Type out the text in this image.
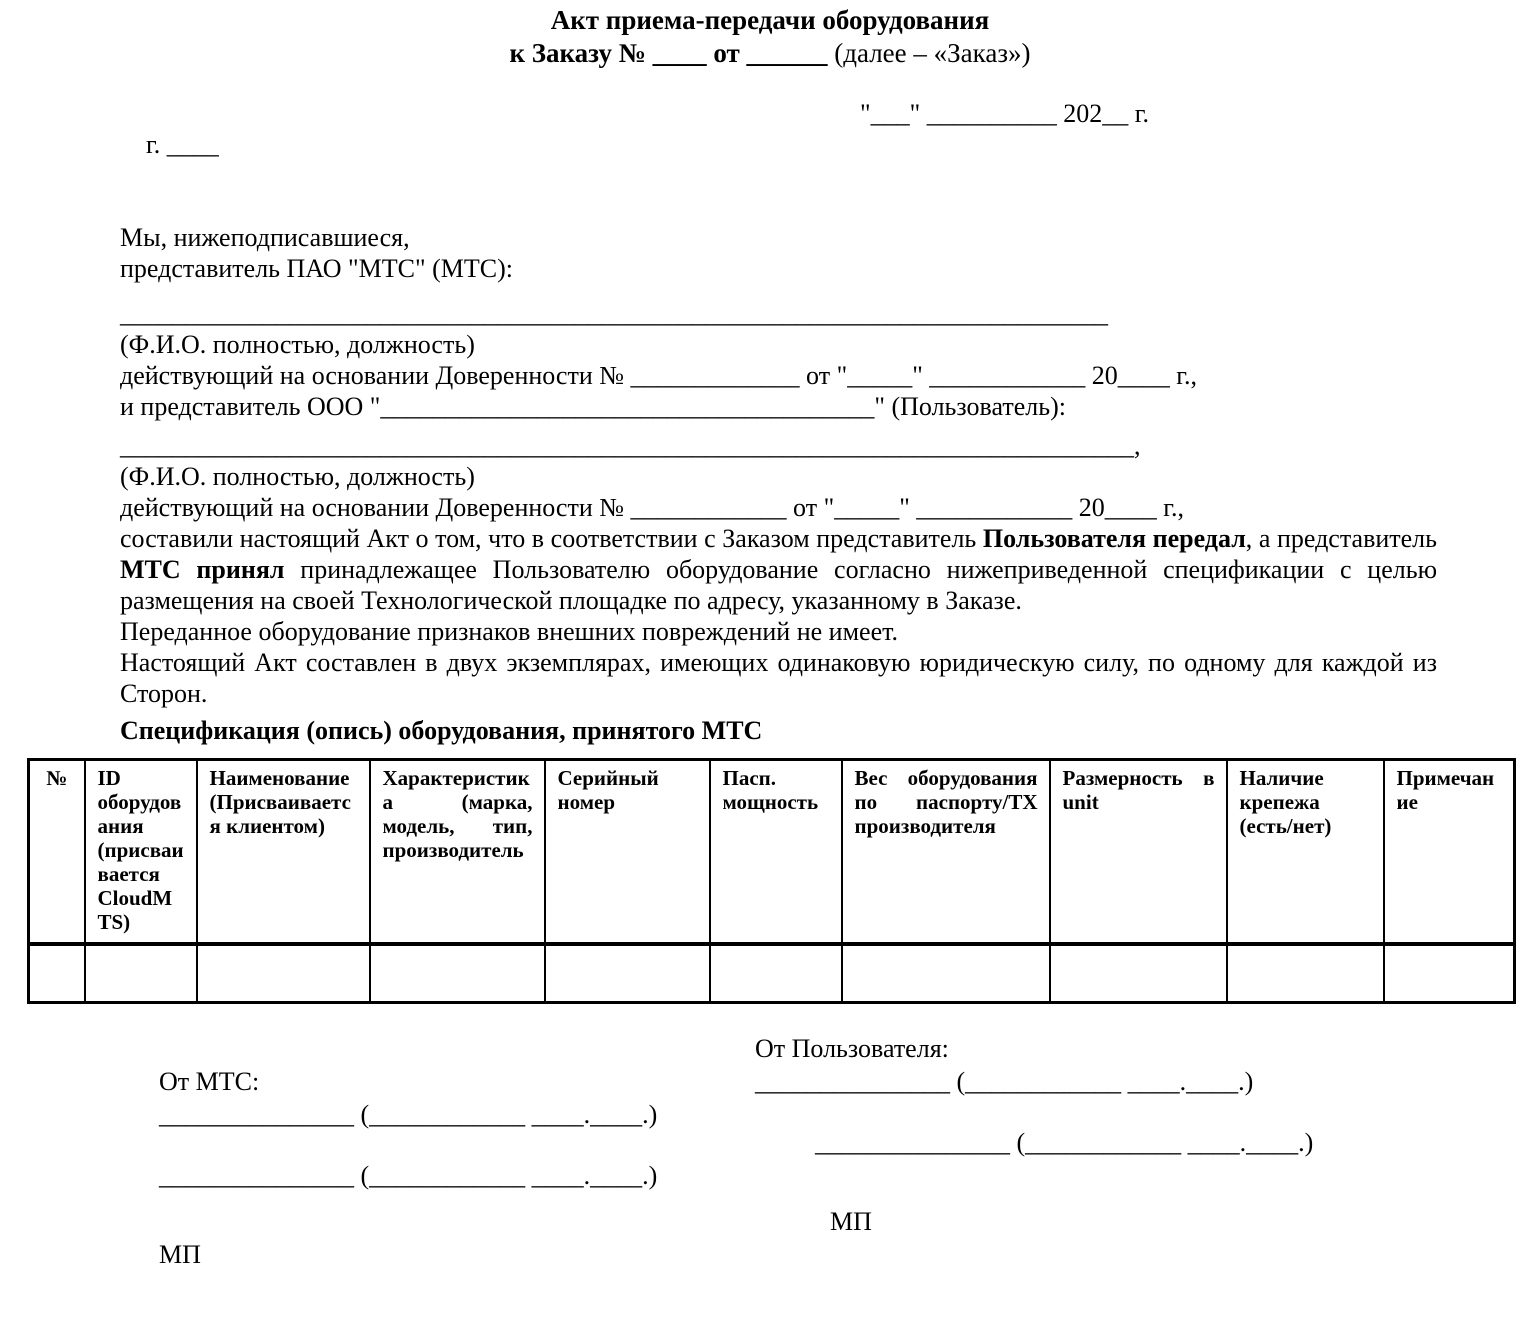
Акт приема-передачи оборудования
к Заказу № ____ от ______ (далее – «Заказ»)

г. ____

"___" __________ 202__ г.

Мы, нижеподписавшиеся,

представитель ПАО "МТС" (МТС):

____________________________________________________________________________

(Ф.И.О. полностью, должность)

действующий на основании Доверенности № _____________ от "_____" ____________ 20____ г.,

и представитель ООО "______________________________________" (Пользователь):

______________________________________________________________________________,

(Ф.И.О. полностью, должность)

действующий на основании Доверенности № ____________ от "_____" ____________ 20____ г.,

составили настоящий Акт о том, что в соответствии с Заказом представитель Пользователя передал, а представитель МТС принял принадлежащее Пользователю оборудование согласно нижеприведенной спецификации с целью размещения на своей Технологической площадке по адресу, указанному в Заказе.

Переданное оборудование признаков внешних повреждений не имеет.

Настоящий Акт составлен в двух экземплярах, имеющих одинаковую юридическую силу, по одному для каждой из Сторон.

Спецификация (опись) оборудования, принятого МТС

№	ID оборудования (присваивается CloudMTS)	Наименование (Присваивается клиентом)	Характеристика (марка, модель, тип, производитель	Серийный номер	Пасп. мощность	Вес оборудования по паспорту/ТХ производителя	Размерность в unit	Наличие крепежа (есть/нет)	Примечание

От МТС:

От Пользователя:

_______________ (____________ ____.____.)

_______________ (____________ ____.____.)

_______________ (____________ ____.____.)

_______________ (____________ ____.____.)

МП

МП
